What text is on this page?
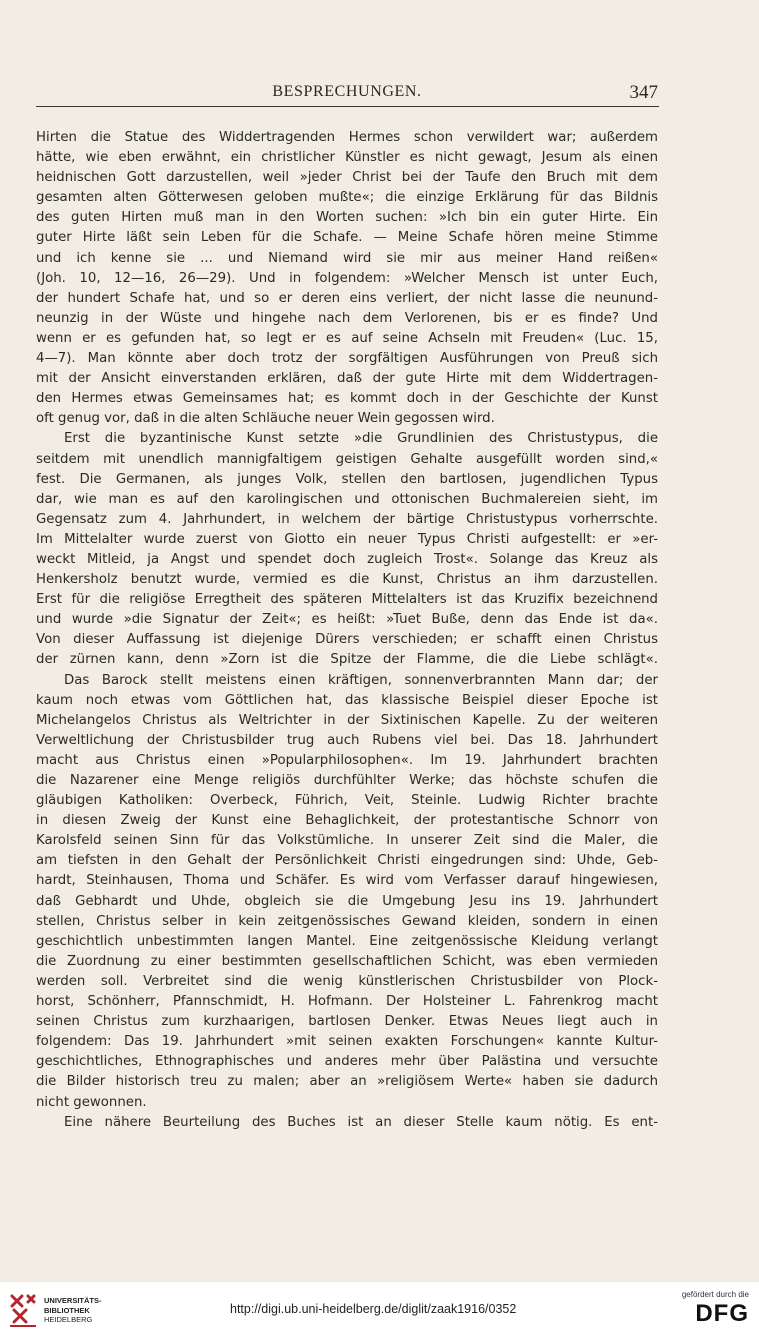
BESPRECHUNGEN.	347
Hirten die Statue des Widdertragenden Hermes schon verwildert war; außerdem
hätte, wie eben erwähnt, ein christlicher Künstler es nicht gewagt, Jesum als einen
heidnischen Gott darzustellen, weil »jeder Christ bei der Taufe den Bruch mit dem
gesamten alten Götterwesen geloben mußte«; die einzige Erklärung für das Bildnis
des guten Hirten muß man in den Worten suchen: »Ich bin ein guter Hirte. Ein
guter Hirte läßt sein Leben für die Schafe. — Meine Schafe hören meine Stimme
und ich kenne sie ... und Niemand wird sie mir aus meiner Hand reißen«
(Joh. 10, 12—16, 26—29). Und in folgendem: »Welcher Mensch ist unter Euch,
der hundert Schafe hat, und so er deren eins verliert, der nicht lasse die neunund-
neunzig in der Wüste und hingehe nach dem Verlorenen, bis er es finde? Und
wenn er es gefunden hat, so legt er es auf seine Achseln mit Freuden« (Luc. 15,
4—7). Man könnte aber doch trotz der sorgfältigen Ausführungen von Preuß sich
mit der Ansicht einverstanden erklären, daß der gute Hirte mit dem Widdertragen-
den Hermes etwas Gemeinsames hat; es kommt doch in der Geschichte der Kunst
oft genug vor, daß in die alten Schläuche neuer Wein gegossen wird.
Erst die byzantinische Kunst setzte »die Grundlinien des Christustypus, die
seitdem mit unendlich mannigfaltigem geistigen Gehalte ausgefüllt worden sind,«
fest. Die Germanen, als junges Volk, stellen den bartlosen, jugendlichen Typus
dar, wie man es auf den karolingischen und ottonischen Buchmalereien sieht, im
Gegensatz zum 4. Jahrhundert, in welchem der bärtige Christustypus vorherrschte.
Im Mittelalter wurde zuerst von Giotto ein neuer Typus Christi aufgestellt: er »er-
weckt Mitleid, ja Angst und spendet doch zugleich Trost«. Solange das Kreuz als
Henkersholz benutzt wurde, vermied es die Kunst, Christus an ihm darzustellen.
Erst für die religiöse Erregtheit des späteren Mittelalters ist das Kruzifix bezeichnend
und wurde »die Signatur der Zeit«; es heißt: »Tuet Buße, denn das Ende ist da«.
Von dieser Auffassung ist diejenige Dürers verschieden; er schafft einen Christus
der zürnen kann, denn »Zorn ist die Spitze der Flamme, die die Liebe schlägt«.
Das Barock stellt meistens einen kräftigen, sonnenverbrannten Mann dar; der
kaum noch etwas vom Göttlichen hat, das klassische Beispiel dieser Epoche ist
Michelangelos Christus als Weltrichter in der Sixtinischen Kapelle. Zu der weiteren
Verweltlichung der Christusbilder trug auch Rubens viel bei. Das 18. Jahrhundert
macht aus Christus einen »Popularphilosophen«. Im 19. Jahrhundert brachten
die Nazarener eine Menge religiös durchfühlter Werke; das höchste schufen die
gläubigen Katholiken: Overbeck, Führich, Veit, Steinle. Ludwig Richter brachte
in diesen Zweig der Kunst eine Behaglichkeit, der protestantische Schnorr von
Karolsfeld seinen Sinn für das Volkstümliche. In unserer Zeit sind die Maler, die
am tiefsten in den Gehalt der Persönlichkeit Christi eingedrungen sind: Uhde, Geb-
hardt, Steinhausen, Thoma und Schäfer. Es wird vom Verfasser darauf hingewiesen,
daß Gebhardt und Uhde, obgleich sie die Umgebung Jesu ins 19. Jahrhundert
stellen, Christus selber in kein zeitgenössisches Gewand kleiden, sondern in einen
geschichtlich unbestimmten langen Mantel. Eine zeitgenössische Kleidung verlangt
die Zuordnung zu einer bestimmten gesellschaftlichen Schicht, was eben vermieden
werden soll. Verbreitet sind die wenig künstlerischen Christusbilder von Plock-
horst, Schönherr, Pfannschmidt, H. Hofmann. Der Holsteiner L. Fahrenkrog macht
seinen Christus zum kurzhaarigen, bartlosen Denker. Etwas Neues liegt auch in
folgendem: Das 19. Jahrhundert »mit seinen exakten Forschungen« kannte Kultur-
geschichtliches, Ethnographisches und anderes mehr über Palästina und versuchte
die Bilder historisch treu zu malen; aber an »religiösem Werte« haben sie dadurch
nicht gewonnen.
Eine nähere Beurteilung des Buches ist an dieser Stelle kaum nötig. Es ent-
UNIVERSITÄTS-
BIBLIOTHEK
HEIDELBERG
http://digi.ub.uni-heidelberg.de/diglit/zaak1916/0352
gefördert durch die
DFG
